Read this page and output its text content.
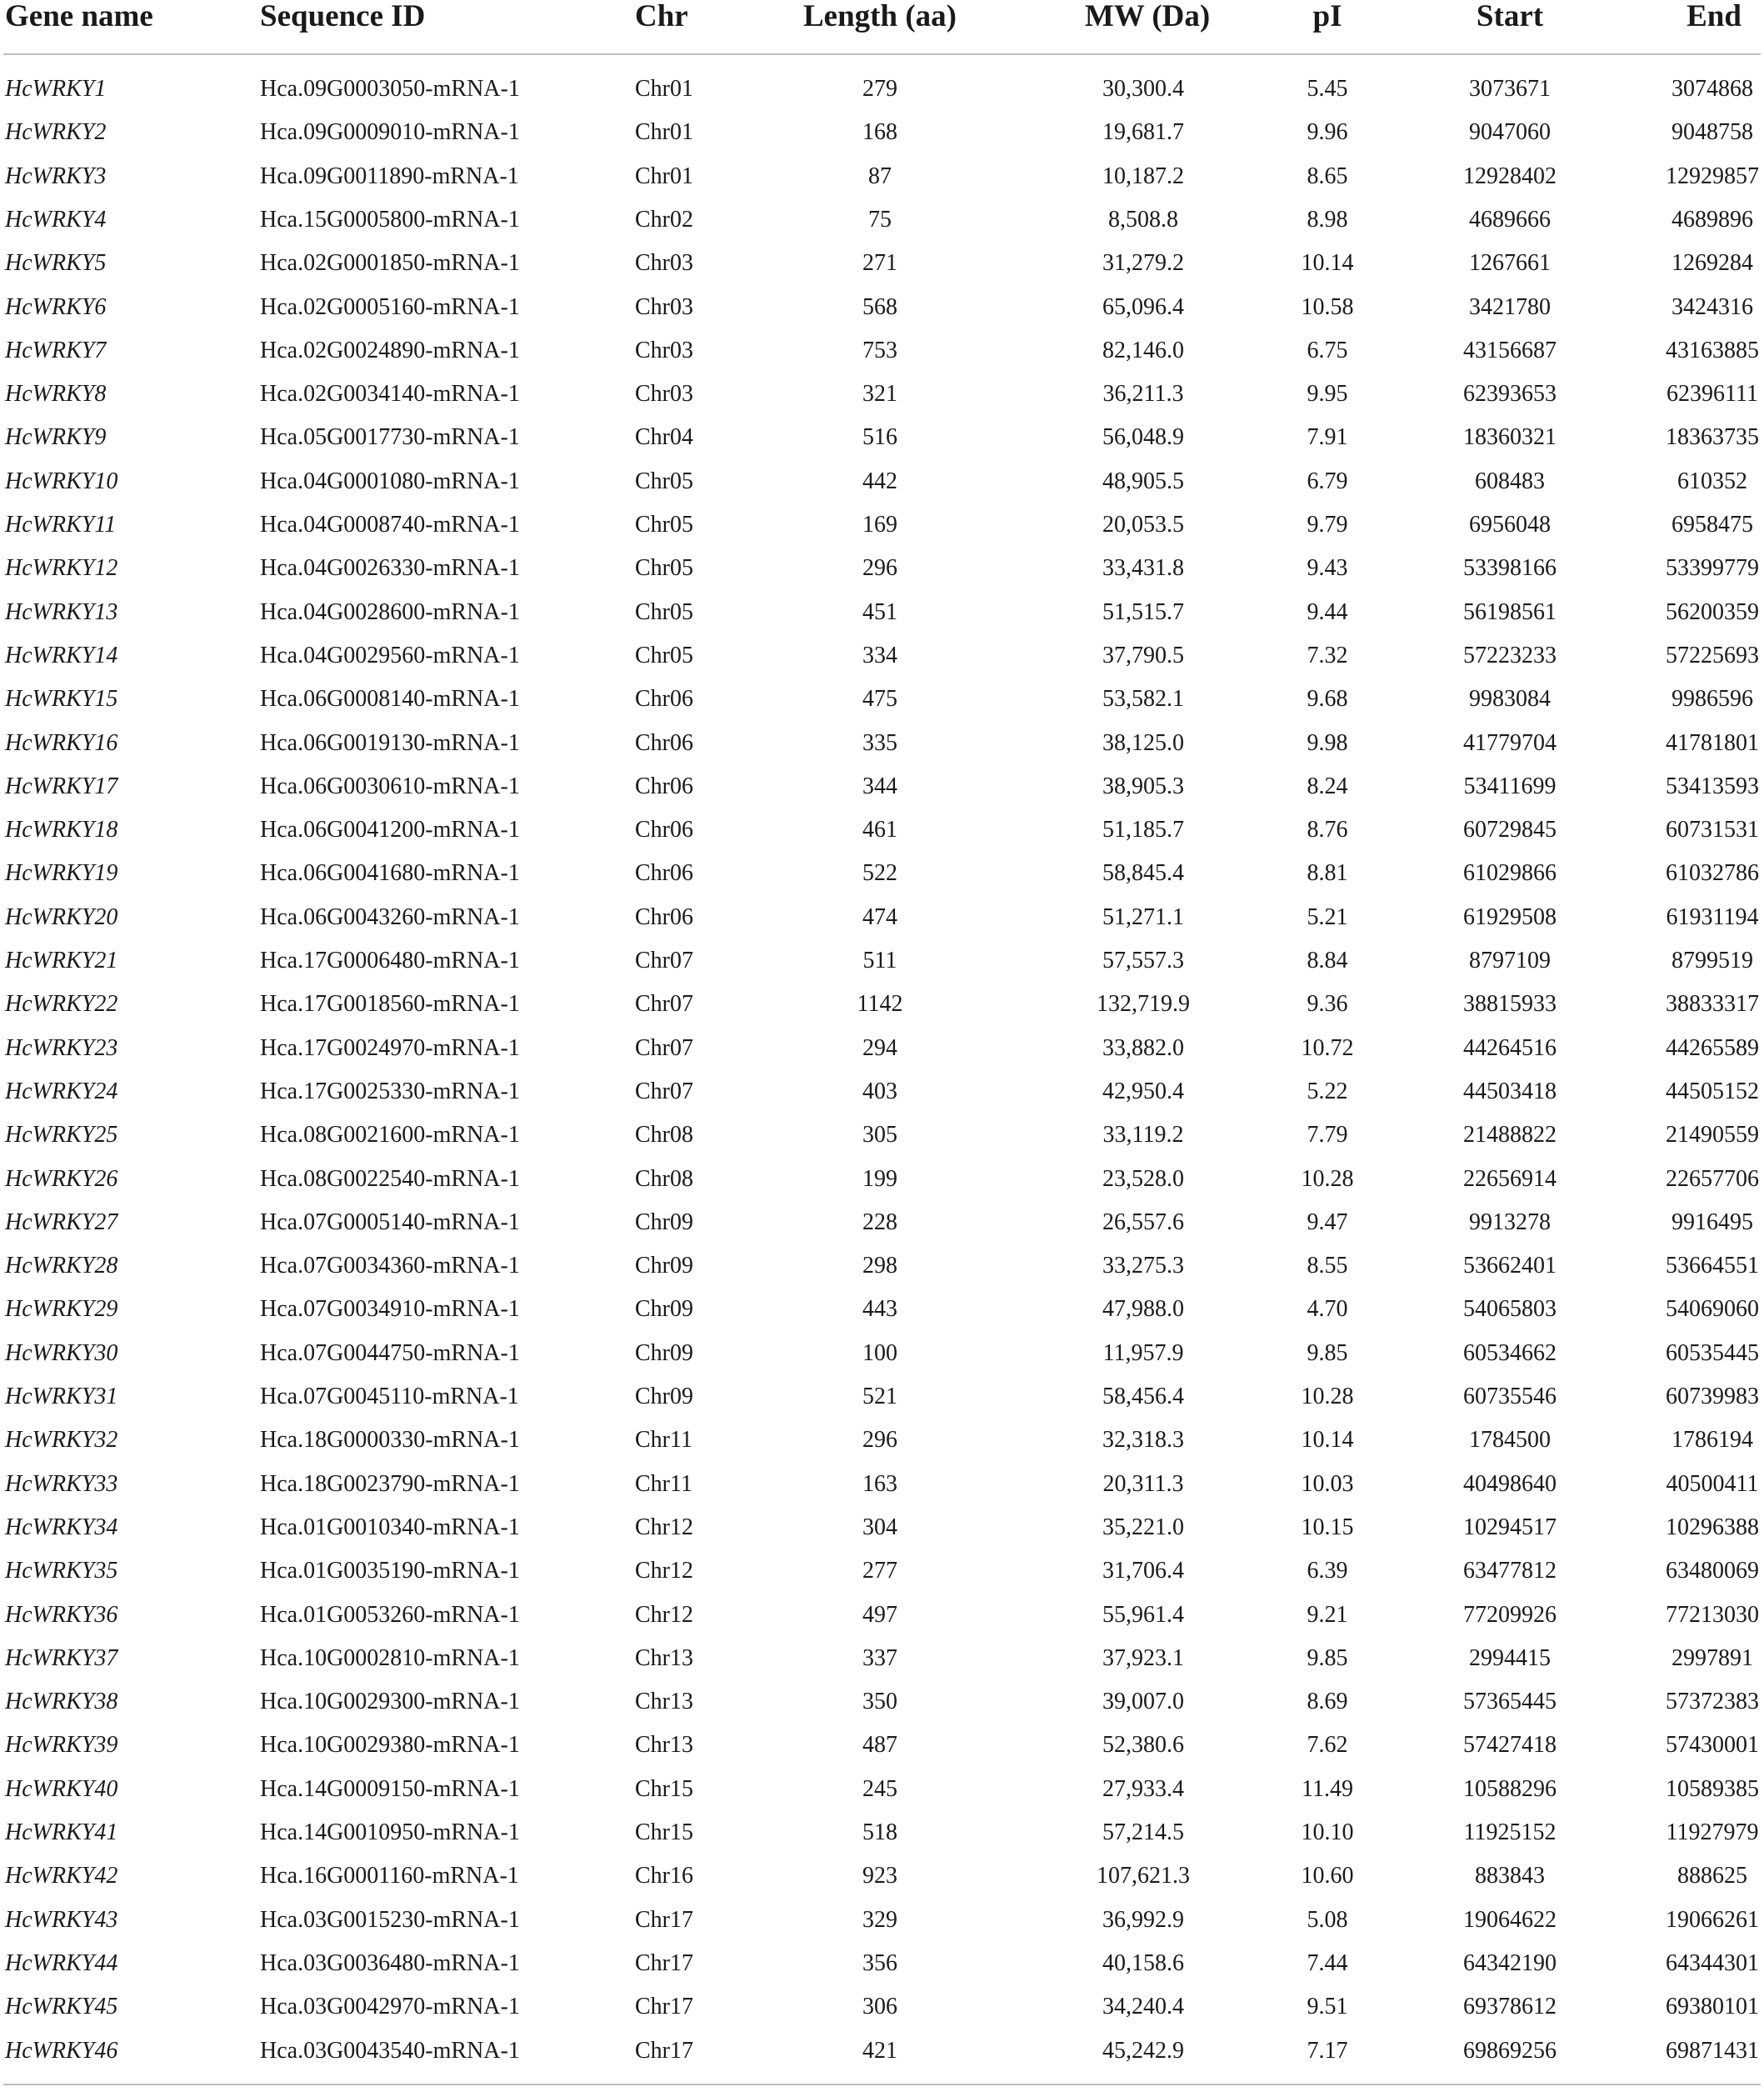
Gene name	Sequence ID	Chr	Length (aa)	MW (Da)	pI	Start	End
HcWRKY1	Hca.09G0003050-mRNA-1	Chr01	279	30,300.4	5.45	3073671	3074868
HcWRKY2	Hca.09G0009010-mRNA-1	Chr01	168	19,681.7	9.96	9047060	9048758
HcWRKY3	Hca.09G0011890-mRNA-1	Chr01	87	10,187.2	8.65	12928402	12929857
HcWRKY4	Hca.15G0005800-mRNA-1	Chr02	75	8,508.8	8.98	4689666	4689896
HcWRKY5	Hca.02G0001850-mRNA-1	Chr03	271	31,279.2	10.14	1267661	1269284
HcWRKY6	Hca.02G0005160-mRNA-1	Chr03	568	65,096.4	10.58	3421780	3424316
HcWRKY7	Hca.02G0024890-mRNA-1	Chr03	753	82,146.0	6.75	43156687	43163885
HcWRKY8	Hca.02G0034140-mRNA-1	Chr03	321	36,211.3	9.95	62393653	62396111
HcWRKY9	Hca.05G0017730-mRNA-1	Chr04	516	56,048.9	7.91	18360321	18363735
HcWRKY10	Hca.04G0001080-mRNA-1	Chr05	442	48,905.5	6.79	608483	610352
HcWRKY11	Hca.04G0008740-mRNA-1	Chr05	169	20,053.5	9.79	6956048	6958475
HcWRKY12	Hca.04G0026330-mRNA-1	Chr05	296	33,431.8	9.43	53398166	53399779
HcWRKY13	Hca.04G0028600-mRNA-1	Chr05	451	51,515.7	9.44	56198561	56200359
HcWRKY14	Hca.04G0029560-mRNA-1	Chr05	334	37,790.5	7.32	57223233	57225693
HcWRKY15	Hca.06G0008140-mRNA-1	Chr06	475	53,582.1	9.68	9983084	9986596
HcWRKY16	Hca.06G0019130-mRNA-1	Chr06	335	38,125.0	9.98	41779704	41781801
HcWRKY17	Hca.06G0030610-mRNA-1	Chr06	344	38,905.3	8.24	53411699	53413593
HcWRKY18	Hca.06G0041200-mRNA-1	Chr06	461	51,185.7	8.76	60729845	60731531
HcWRKY19	Hca.06G0041680-mRNA-1	Chr06	522	58,845.4	8.81	61029866	61032786
HcWRKY20	Hca.06G0043260-mRNA-1	Chr06	474	51,271.1	5.21	61929508	61931194
HcWRKY21	Hca.17G0006480-mRNA-1	Chr07	511	57,557.3	8.84	8797109	8799519
HcWRKY22	Hca.17G0018560-mRNA-1	Chr07	1142	132,719.9	9.36	38815933	38833317
HcWRKY23	Hca.17G0024970-mRNA-1	Chr07	294	33,882.0	10.72	44264516	44265589
HcWRKY24	Hca.17G0025330-mRNA-1	Chr07	403	42,950.4	5.22	44503418	44505152
HcWRKY25	Hca.08G0021600-mRNA-1	Chr08	305	33,119.2	7.79	21488822	21490559
HcWRKY26	Hca.08G0022540-mRNA-1	Chr08	199	23,528.0	10.28	22656914	22657706
HcWRKY27	Hca.07G0005140-mRNA-1	Chr09	228	26,557.6	9.47	9913278	9916495
HcWRKY28	Hca.07G0034360-mRNA-1	Chr09	298	33,275.3	8.55	53662401	53664551
HcWRKY29	Hca.07G0034910-mRNA-1	Chr09	443	47,988.0	4.70	54065803	54069060
HcWRKY30	Hca.07G0044750-mRNA-1	Chr09	100	11,957.9	9.85	60534662	60535445
HcWRKY31	Hca.07G0045110-mRNA-1	Chr09	521	58,456.4	10.28	60735546	60739983
HcWRKY32	Hca.18G0000330-mRNA-1	Chr11	296	32,318.3	10.14	1784500	1786194
HcWRKY33	Hca.18G0023790-mRNA-1	Chr11	163	20,311.3	10.03	40498640	40500411
HcWRKY34	Hca.01G0010340-mRNA-1	Chr12	304	35,221.0	10.15	10294517	10296388
HcWRKY35	Hca.01G0035190-mRNA-1	Chr12	277	31,706.4	6.39	63477812	63480069
HcWRKY36	Hca.01G0053260-mRNA-1	Chr12	497	55,961.4	9.21	77209926	77213030
HcWRKY37	Hca.10G0002810-mRNA-1	Chr13	337	37,923.1	9.85	2994415	2997891
HcWRKY38	Hca.10G0029300-mRNA-1	Chr13	350	39,007.0	8.69	57365445	57372383
HcWRKY39	Hca.10G0029380-mRNA-1	Chr13	487	52,380.6	7.62	57427418	57430001
HcWRKY40	Hca.14G0009150-mRNA-1	Chr15	245	27,933.4	11.49	10588296	10589385
HcWRKY41	Hca.14G0010950-mRNA-1	Chr15	518	57,214.5	10.10	11925152	11927979
HcWRKY42	Hca.16G0001160-mRNA-1	Chr16	923	107,621.3	10.60	883843	888625
HcWRKY43	Hca.03G0015230-mRNA-1	Chr17	329	36,992.9	5.08	19064622	19066261
HcWRKY44	Hca.03G0036480-mRNA-1	Chr17	356	40,158.6	7.44	64342190	64344301
HcWRKY45	Hca.03G0042970-mRNA-1	Chr17	306	34,240.4	9.51	69378612	69380101
HcWRKY46	Hca.03G0043540-mRNA-1	Chr17	421	45,242.9	7.17	69869256	69871431
